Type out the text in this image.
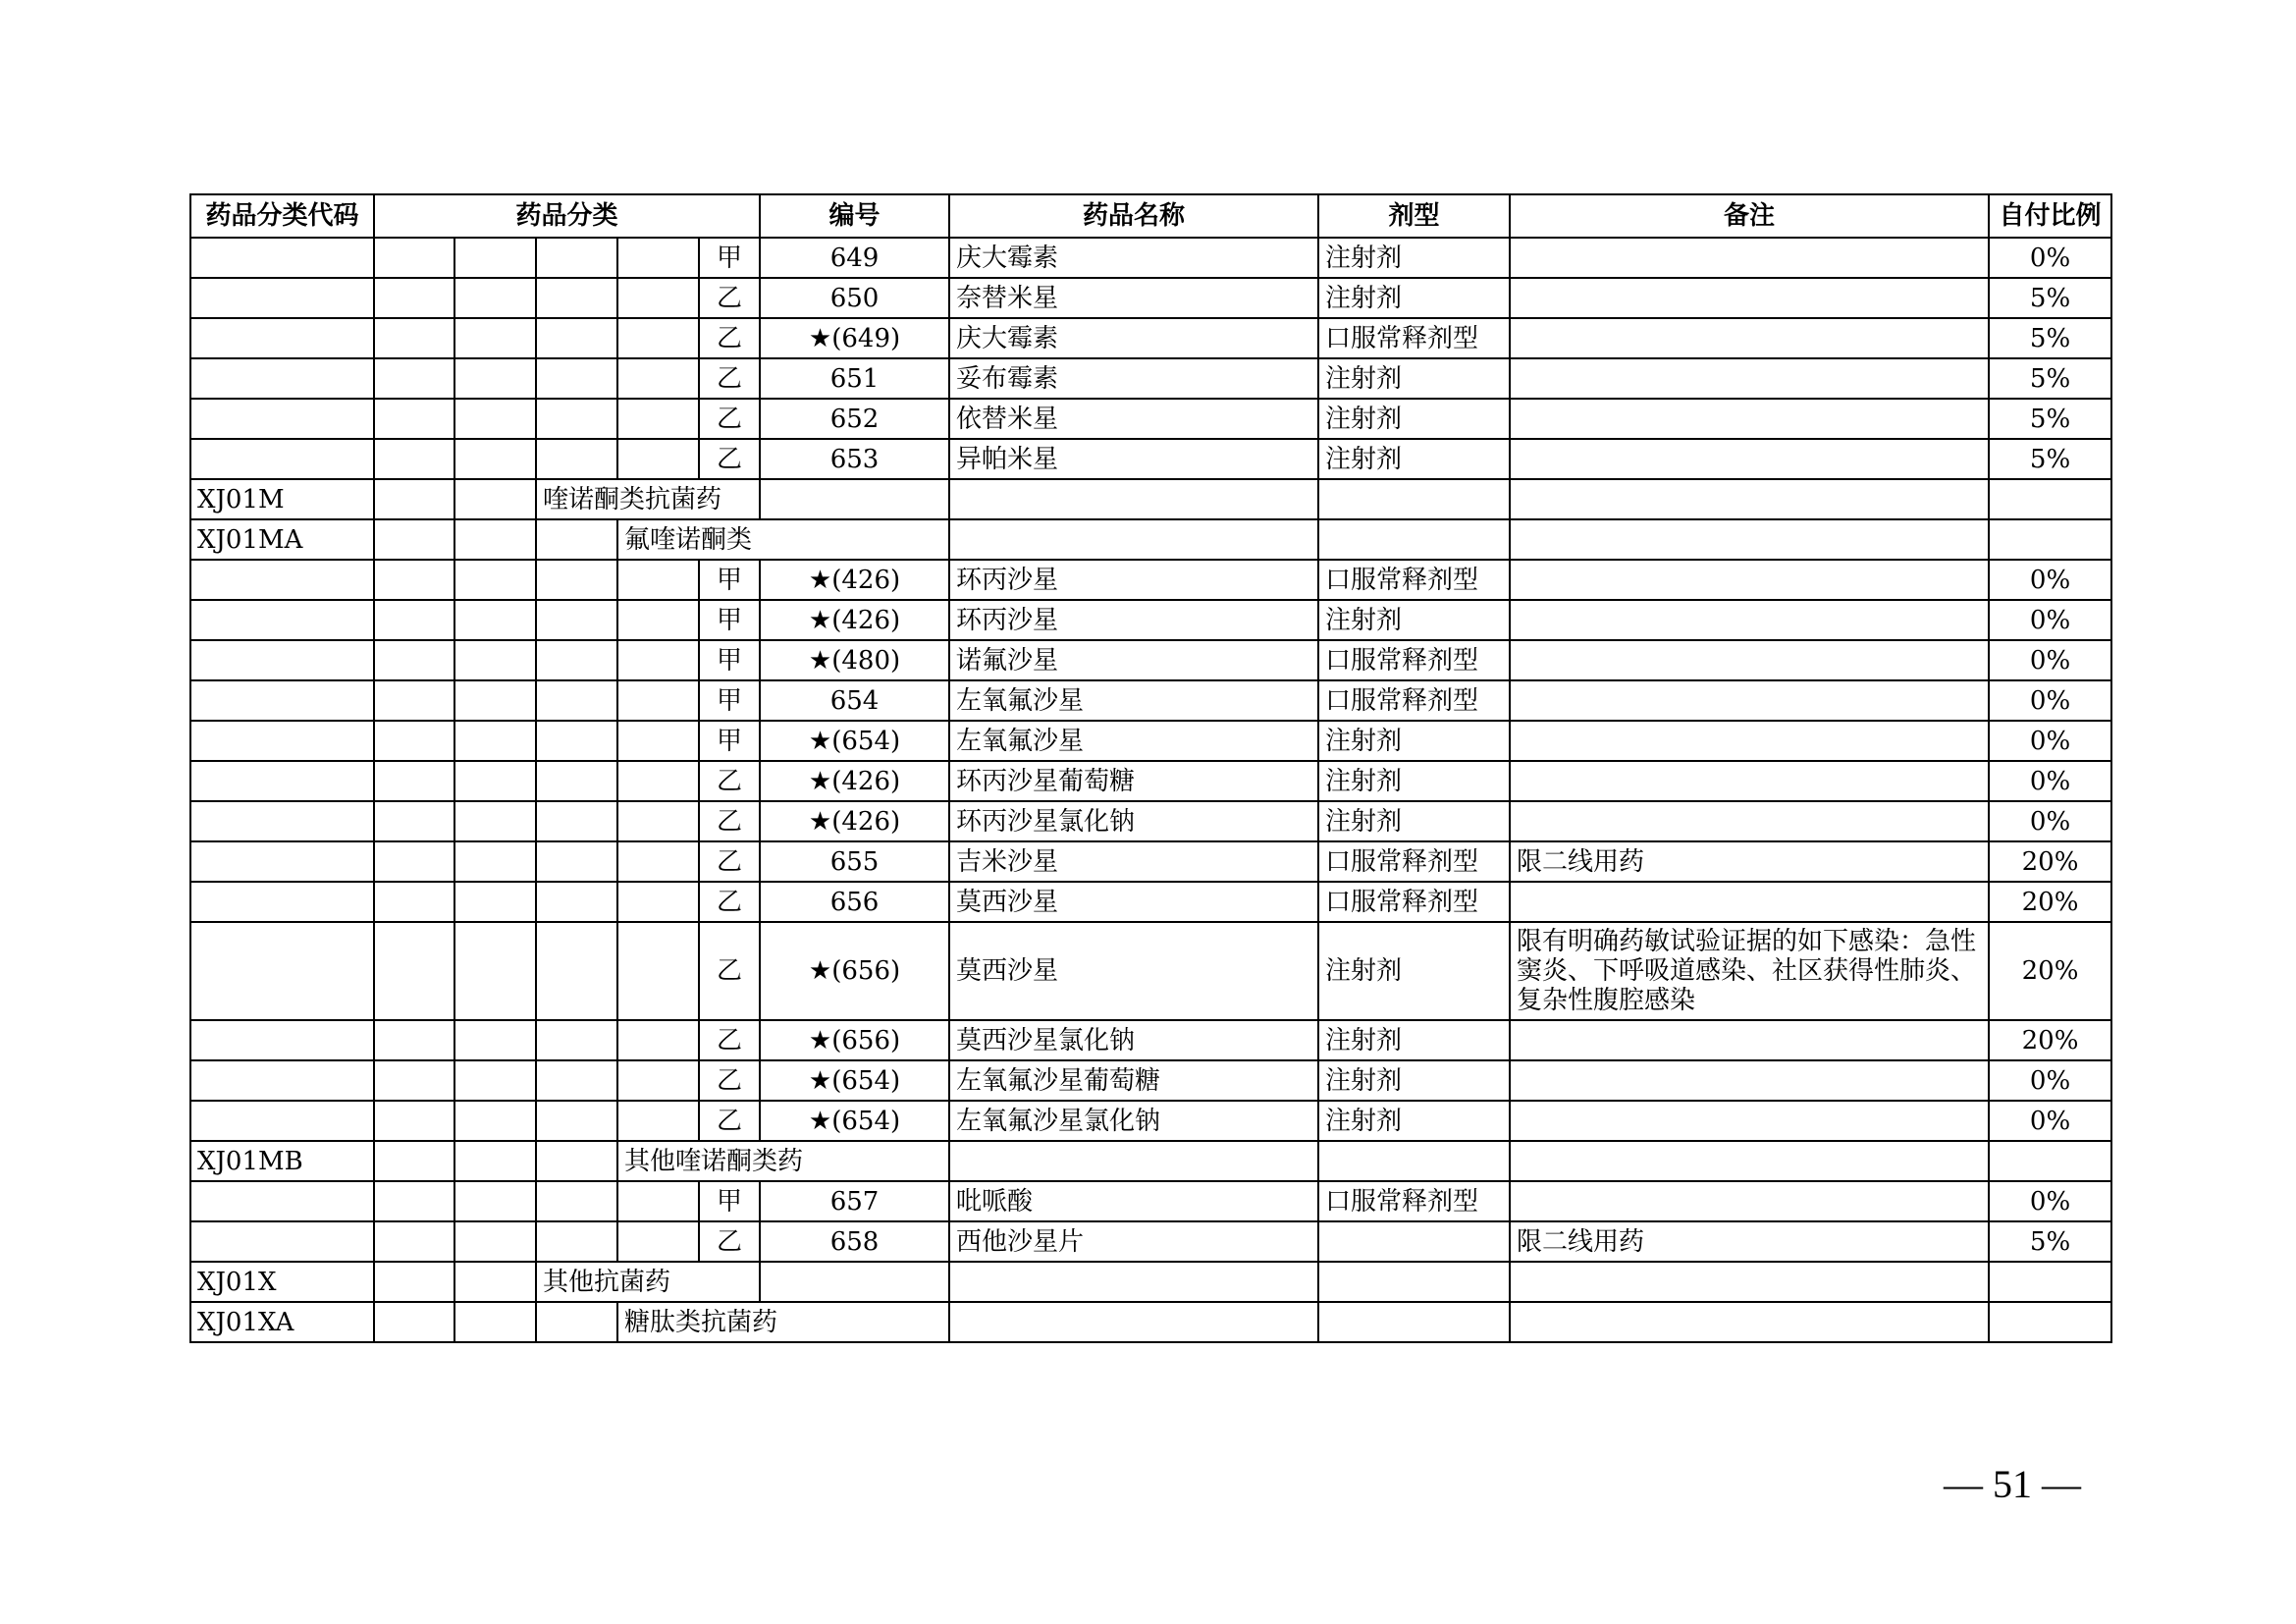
药品分类代码	药品分类					编号	药品名称	剂型	备注	自付比例
					甲	649	庆大霉素	注射剂		0%
					乙	650	奈替米星	注射剂		5%
					乙	★(649)	庆大霉素	口服常释剂型		5%
					乙	651	妥布霉素	注射剂		5%
					乙	652	依替米星	注射剂		5%
					乙	653	异帕米星	注射剂		5%
XJ01M			喹诺酮类抗菌药							
XJ01MA				氟喹诺酮类						
					甲	★(426)	环丙沙星	口服常释剂型		0%
					甲	★(426)	环丙沙星	注射剂		0%
					甲	★(480)	诺氟沙星	口服常释剂型		0%
					甲	654	左氧氟沙星	口服常释剂型		0%
					甲	★(654)	左氧氟沙星	注射剂		0%
					乙	★(426)	环丙沙星葡萄糖	注射剂		0%
					乙	★(426)	环丙沙星氯化钠	注射剂		0%
					乙	655	吉米沙星	口服常释剂型	限二线用药	20%
					乙	656	莫西沙星	口服常释剂型		20%
					乙	★(656)	莫西沙星	注射剂	限有明确药敏试验证据的如下感染：急性窦炎、下呼吸道感染、社区获得性肺炎、复杂性腹腔感染	20%
					乙	★(656)	莫西沙星氯化钠	注射剂		20%
					乙	★(654)	左氧氟沙星葡萄糖	注射剂		0%
					乙	★(654)	左氧氟沙星氯化钠	注射剂		0%
XJ01MB				其他喹诺酮类药						
					甲	657	吡哌酸	口服常释剂型		0%
					乙	658	西他沙星片		限二线用药	5%
XJ01X			其他抗菌药							
XJ01XA				糖肽类抗菌药						
— 51 —
